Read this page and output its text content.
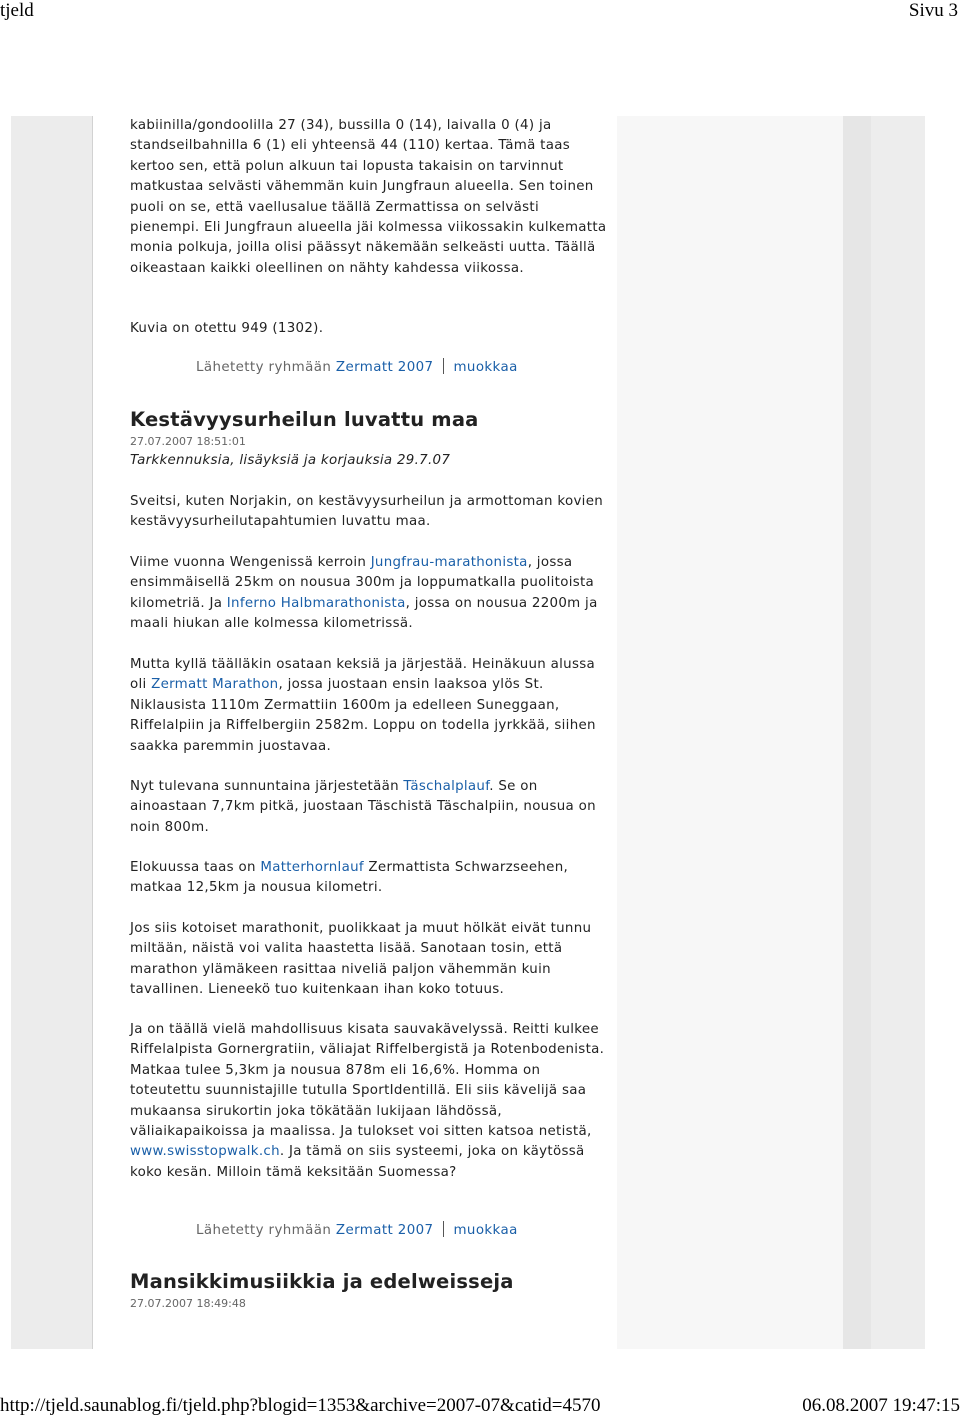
tjeld	Sivu 3

kabiinilla/gondoolilla 27 (34), bussilla 0 (14), laivalla 0 (4) ja standseilbahnilla 6 (1) eli yhteensä 44 (110) kertaa. Tämä taas kertoo sen, että polun alkuun tai lopusta takaisin on tarvinnut matkustaa selvästi vähemmän kuin Jungfraun alueella. Sen toinen puoli on se, että vaellusalue täällä Zermattissa on selvästi pienempi. Eli Jungfraun alueella jäi kolmessa viikossakin kulkematta monia polkuja, joilla olisi päässyt näkemään selkeästi uutta. Täällä oikeastaan kaikki oleellinen on nähty kahdessa viikossa.

Kuvia on otettu 949 (1302).

Lähetetty ryhmään Zermatt 2007 muokkaa
Kestävyysurheilun luvattu maa
27.07.2007 18:51:01
Tarkkennuksia, lisäyksiä ja korjauksia 29.7.07

Sveitsi, kuten Norjakin, on kestävyysurheilun ja armottoman kovien kestävyysurheilutapahtumien luvattu maa.

Viime vuonna Wengenissä kerroin Jungfrau-marathonista, jossa ensimmäisellä 25km on nousua 300m ja loppumatkalla puolitoista kilometriä. Ja Inferno Halbmarathonista, jossa on nousua 2200m ja maali hiukan alle kolmessa kilometrissä.

Mutta kyllä täälläkin osataan keksiä ja järjestää. Heinäkuun alussa oli Zermatt Marathon, jossa juostaan ensin laaksoa ylös St. Niklausista 1110m Zermattiin 1600m ja edelleen Suneggaan, Riffelalpiin ja Riffelbergiin 2582m. Loppu on todella jyrkkää, siihen saakka paremmin juostavaa.

Nyt tulevana sunnuntaina järjestetään Täschalplauf. Se on ainoastaan 7,7km pitkä, juostaan Täschistä Täschalpiin, nousua on noin 800m.

Elokuussa taas on Matterhornlauf Zermattista Schwarzseehen, matkaa 12,5km ja nousua kilometri.

Jos siis kotoiset marathonit, puolikkaat ja muut hölkät eivät tunnu miltään, näistä voi valita haastetta lisää. Sanotaan tosin, että marathon ylämäkeen rasittaa niveliä paljon vähemmän kuin tavallinen. Lieneekö tuo kuitenkaan ihan koko totuus.

Ja on täällä vielä mahdollisuus kisata sauvakävelyssä. Reitti kulkee Riffelalpista Gornergratiin, väliajat Riffelbergistä ja Rotenbodenista. Matkaa tulee 5,3km ja nousua 878m eli 16,6%. Homma on toteutettu suunnistajille tutulla SportIdentillä. Eli siis kävelijä saa mukaansa sirukortin joka tökätään lukijaan lähdössä, väliaikapaikoissa ja maalissa. Ja tulokset voi sitten katsoa netistä, www.swisstopwalk.ch. Ja tämä on siis systeemi, joka on käytössä koko kesän. Milloin tämä keksitään Suomessa?

Lähetetty ryhmään Zermatt 2007 muokkaa
Mansikkimusiikkia ja edelweisseja
27.07.2007 18:49:48
http://tjeld.saunablog.fi/tjeld.php?blogid=1353&archive=2007-07&catid=4570	06.08.2007 19:47:15
